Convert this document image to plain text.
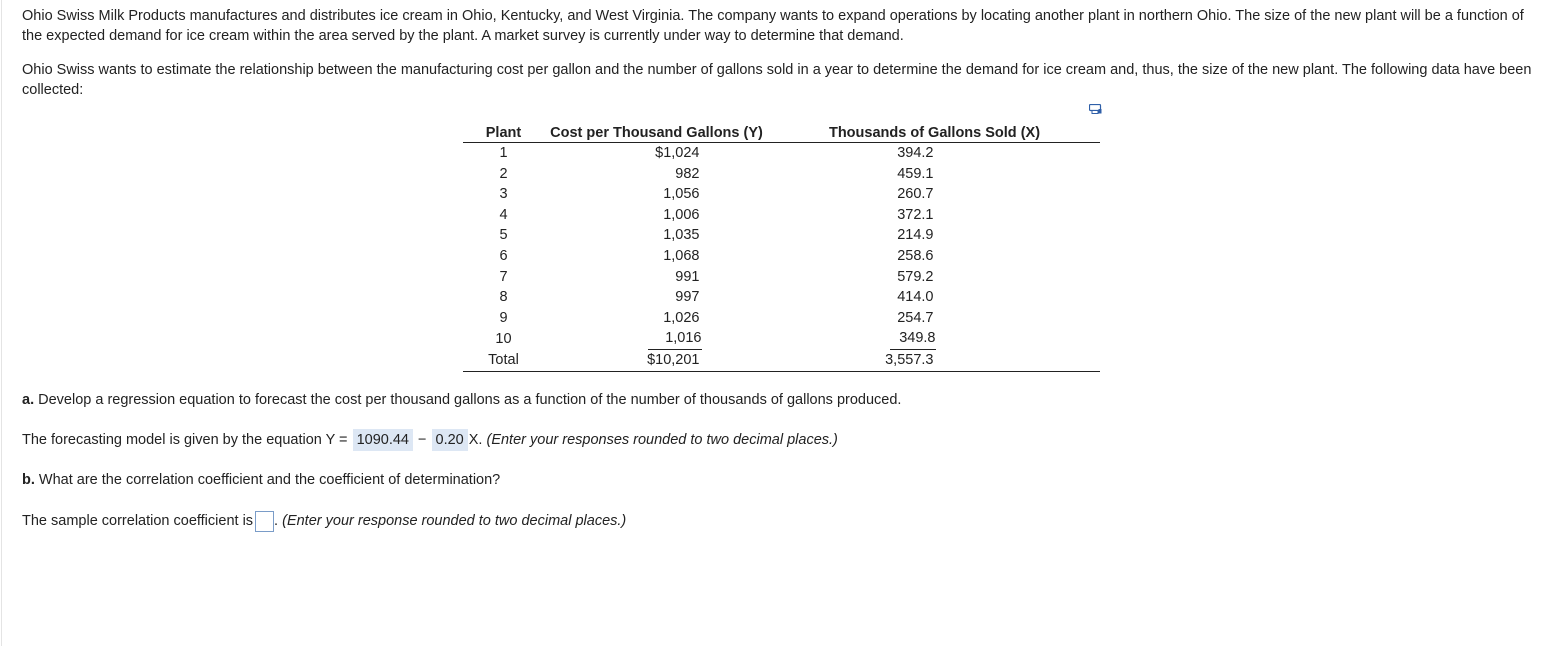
Ohio Swiss Milk Products manufactures and distributes ice cream in Ohio, Kentucky, and West Virginia. The company wants to expand operations by locating another plant in northern Ohio. The size of the new plant will be a function of the expected demand for ice cream within the area served by the plant. A market survey is currently under way to determine that demand.

Ohio Swiss wants to estimate the relationship between the manufacturing cost per gallon and the number of gallons sold in a year to determine the demand for ice cream and, thus, the size of the new plant. The following data have been collected:

Plant	Cost per Thousand Gallons (Y)	Thousands of Gallons Sold (X)
1	$1,024	394.2
2	982	459.1
3	1,056	260.7
4	1,006	372.1
5	1,035	214.9
6	1,068	258.6
7	991	579.2
8	997	414.0
9	1,026	254.7
10	1,016	349.8
Total	$10,201	3,557.3
a. Develop a regression equation to forecast the cost per thousand gallons as a function of the number of thousands of gallons produced.
The forecasting model is given by the equation Y = 1090.44 − 0.20 X. (Enter your responses rounded to two decimal places.)
b. What are the correlation coefficient and the coefficient of determination?
The sample correlation coefficient is . (Enter your response rounded to two decimal places.)
